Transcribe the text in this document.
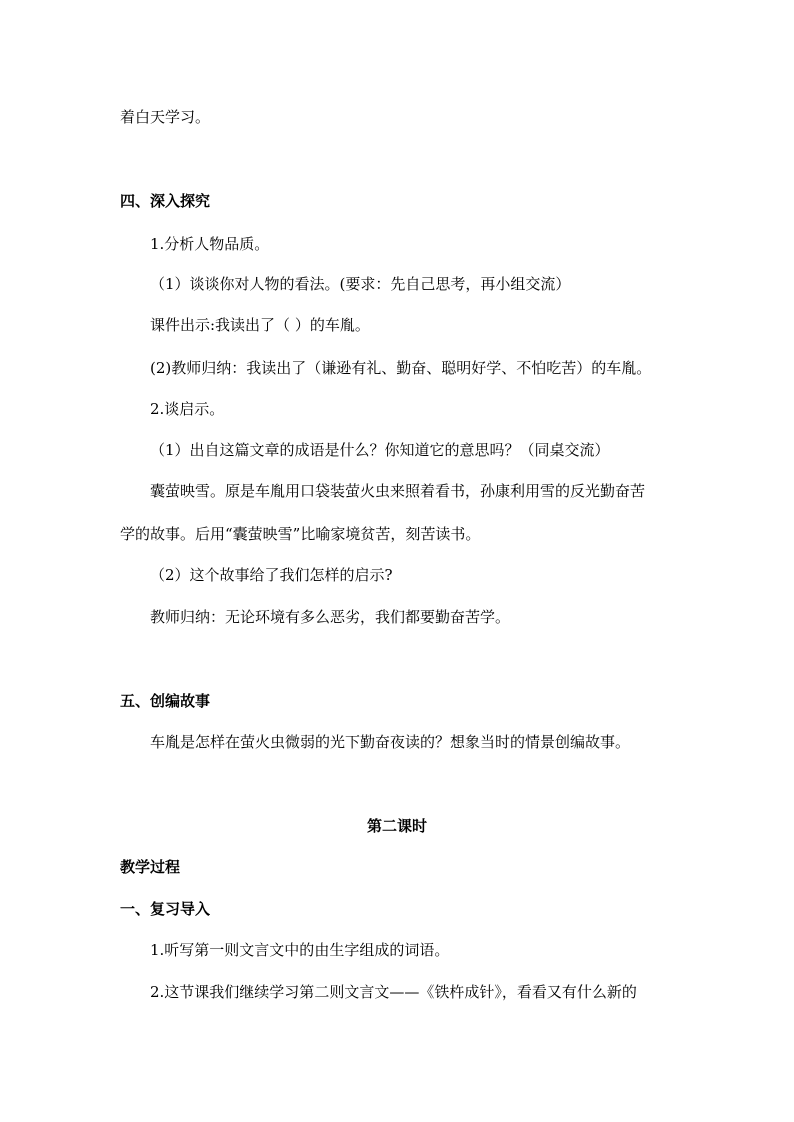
着白天学习。
四、深入探究
1.分析人物品质。
（1）谈谈你对人物的看法。(要求：先自己思考，再小组交流）
课件出示:我读出了（ ）的车胤。
(2)教师归纳：我读出了（谦逊有礼、勤奋、聪明好学、不怕吃苦）的车胤。
2.谈启示。
（1）出自这篇文章的成语是什么？你知道它的意思吗？（同桌交流）
囊萤映雪。原是车胤用口袋装萤火虫来照着看书，孙康利用雪的反光勤奋苦
学的故事。后用“囊萤映雪”比喻家境贫苦，刻苦读书。
（2）这个故事给了我们怎样的启示?
教师归纳：无论环境有多么恶劣，我们都要勤奋苦学。
五、创编故事
车胤是怎样在萤火虫微弱的光下勤奋夜读的？想象当时的情景创编故事。
第二课时
教学过程
一、复习导入
1.听写第一则文言文中的由生字组成的词语。
2.这节课我们继续学习第二则文言文——《铁杵成针》，看看又有什么新的
